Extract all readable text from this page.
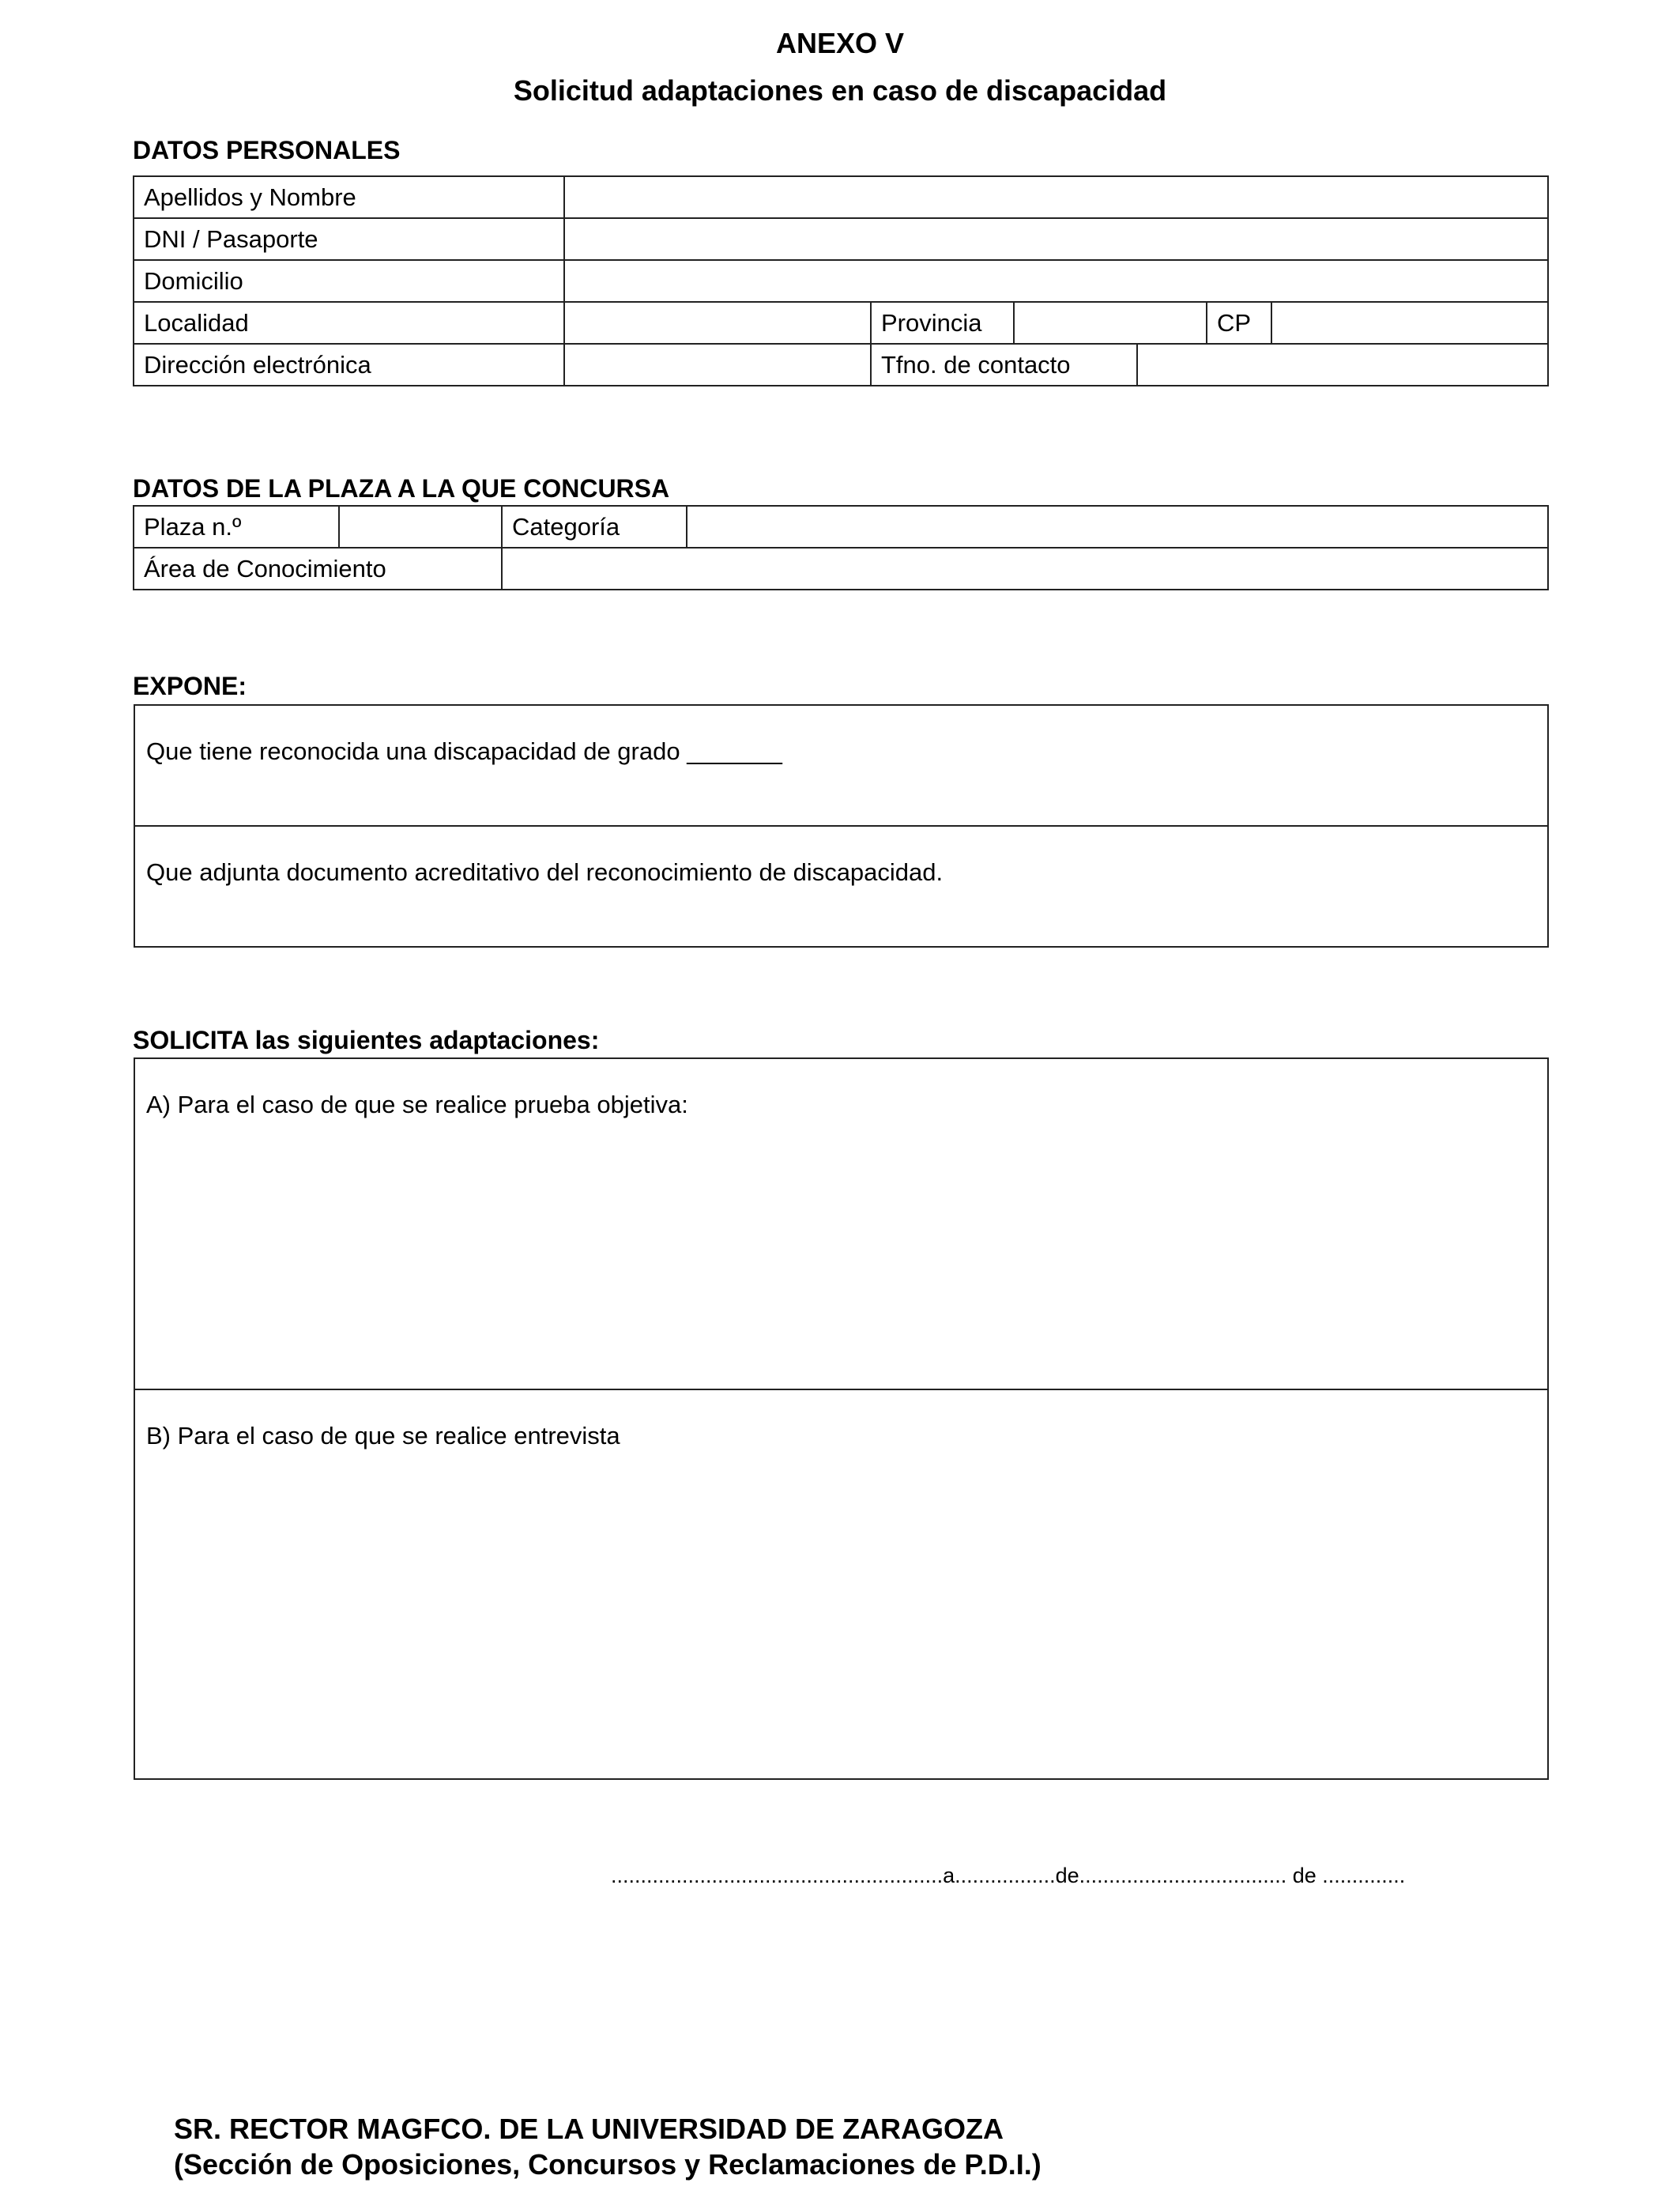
ANEXO V
Solicitud adaptaciones en caso de discapacidad
DATOS PERSONALES
Apellidos y Nombre						
DNI / Pasaporte						
Domicilio						
Localidad		Provincia			CP	
Dirección electrónica		Tfno. de contacto				
DATOS DE LA PLAZA A LA QUE CONCURSA
Plaza n.º		Categoría	
Área de Conocimiento			
EXPONE:
Que tiene reconocida una discapacidad de grado _______
Que adjunta documento acreditativo del reconocimiento de discapacidad.
SOLICITA las siguientes adaptaciones:
A) Para el caso de que se realice prueba objetiva:
B) Para el caso de que se realice entrevista
........................................................a.................de................................... de ..............
SR. RECTOR MAGFCO. DE LA UNIVERSIDAD DE ZARAGOZA
(Sección de Oposiciones, Concursos y Reclamaciones de P.D.I.)
